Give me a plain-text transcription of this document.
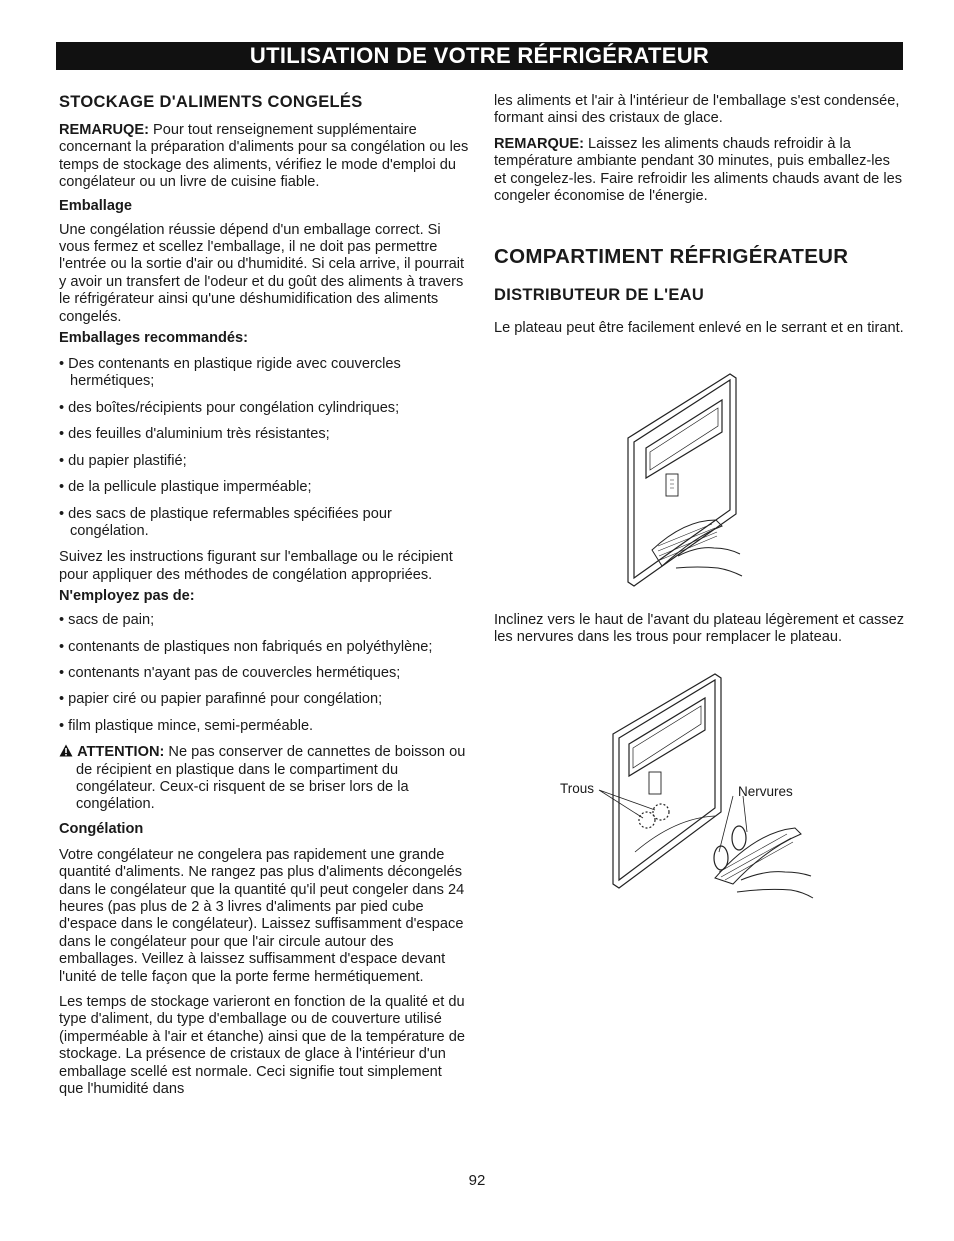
UTILISATION DE VOTRE RÉFRIGÉRATEUR
STOCKAGE D'ALIMENTS CONGELÉS

REMARUQE: Pour tout renseignement supplémentaire concernant la préparation d'aliments pour sa congélation ou les temps de stockage des aliments, vérifiez le mode d'emploi du congélateur ou un livre de cuisine fiable.

Emballage

Une congélation réussie dépend d'un emballage correct. Si vous fermez et scellez l'emballage, il ne doit pas permettre l'entrée ou la sortie d'air ou d'humidité. Si cela arrive, il pourrait y avoir un transfert de l'odeur et du goût des aliments à travers le réfrigérateur ainsi qu'une déshumidification des aliments congelés.

Emballages recommandés:
• Des contenants en plastique rigide avec couvercles hermétiques;
• des boîtes/récipients pour congélation cylindriques;
• des feuilles d'aluminium très résistantes;
• du papier plastifié;
• de la pellicule plastique imperméable;
• des sacs de plastique refermables spécifiées pour congélation.

Suivez les instructions figurant sur l'emballage ou le récipient pour appliquer des méthodes de congélation appropriées.

N'employez pas de:
• sacs de pain;
• contenants de plastiques non fabriqués en polyéthylène;
• contenants n'ayant pas de couvercles hermétiques;
• papier ciré ou papier parafinné pour congélation;
• film plastique mince, semi-perméable.

ATTENTION: Ne pas conserver de cannettes de boisson ou de récipient en plastique dans le compartiment du congélateur. Ceux-ci risquent de se briser lors de la congélation.

Congélation

Votre congélateur ne congelera pas rapidement une grande quantité d'aliments. Ne rangez pas plus d'aliments décongelés dans le congélateur que la quantité qu'il peut congeler dans 24 heures (pas plus de 2 à 3 livres d'aliments par pied cube d'espace dans le congélateur). Laissez suffisamment d'espace dans le congélateur pour que l'air circule autour des emballages. Veillez à laissez suffisamment d'espace devant l'unité de telle façon que la porte ferme hermétiquement.

Les temps de stockage varieront en fonction de la qualité et du type d'aliment, du type d'emballage ou de couverture utilisé (imperméable à l'air et étanche) ainsi que de la température de stockage. La présence de cristaux de glace à l'intérieur d'un emballage scellé est normale. Ceci signifie tout simplement que l'humidité dans

les aliments et l'air à l'intérieur de l'emballage s'est condensée, formant ainsi des cristaux de glace.

REMARQUE: Laissez les aliments chauds refroidir à la température ambiante pendant 30 minutes, puis emballez-les et congelez-les. Faire refroidir les aliments chauds avant de les congeler économise de l'énergie.

COMPARTIMENT RÉFRIGÉRATEUR
DISTRIBUTEUR DE L'EAU

Le plateau peut être facilement enlevé en le serrant et en tirant.

Inclinez vers le haut de l'avant du plateau légèrement et cassez les nervures dans les trous pour remplacer le plateau.

Trous	Nervures
92
